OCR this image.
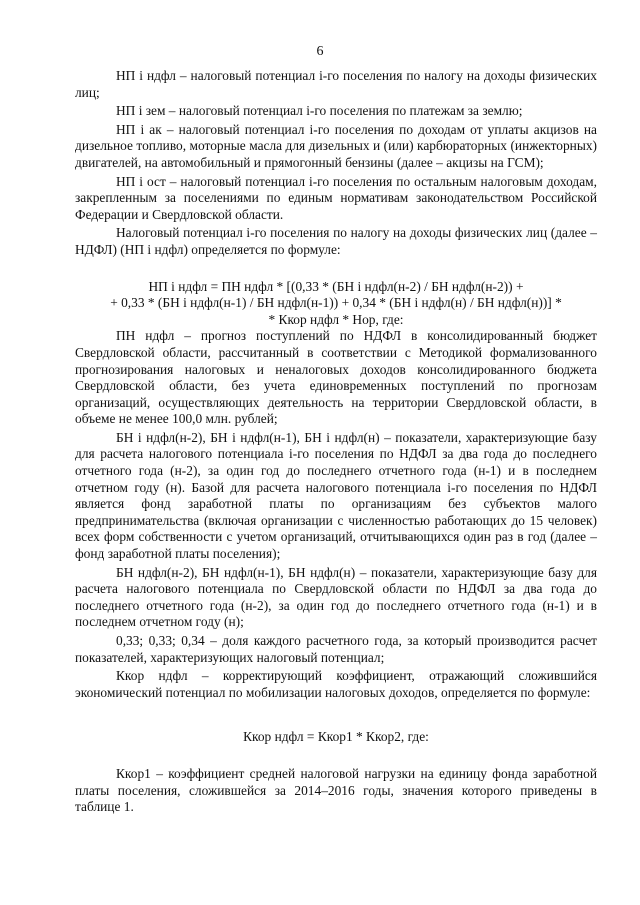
6

НП i ндфл – налоговый потенциал i-го поселения по налогу на доходы физических лиц;

НП i зем – налоговый потенциал i-го поселения по платежам за землю;

НП i ак – налоговый потенциал i-го поселения по доходам от уплаты акцизов на дизельное топливо, моторные масла для дизельных и (или) карбюраторных (инжекторных) двигателей, на автомобильный и прямогонный бензины (далее – акцизы на ГСМ);

НП i ост – налоговый потенциал i-го поселения по остальным налоговым доходам, закрепленным за поселениями по единым нормативам законодательством Российской Федерации и Свердловской области.

Налоговый потенциал i-го поселения по налогу на доходы физических лиц (далее – НДФЛ) (НП i ндфл) определяется по формуле:

НП i ндфл = ПН ндфл * [(0,33 * (БН i ндфл(н-2) / БН ндфл(н-2)) +
+ 0,33 * (БН i ндфл(н-1) / БН ндфл(н-1)) + 0,34 * (БН i ндфл(н) / БН ндфл(н))] *
* Ккор ндфл * Нор, где:

ПН ндфл – прогноз поступлений по НДФЛ в консолидированный бюджет Свердловской области, рассчитанный в соответствии с Методикой формализованного прогнозирования налоговых и неналоговых доходов консолидированного бюджета Свердловской области, без учета единовременных поступлений по прогнозам организаций, осуществляющих деятельность на территории Свердловской области, в объеме не менее 100,0 млн. рублей;

БН i ндфл(н-2), БН i ндфл(н-1), БН i ндфл(н) – показатели, характеризующие базу для расчета налогового потенциала i-го поселения по НДФЛ за два года до последнего отчетного года (н-2), за один год до последнего отчетного года (н-1) и в последнем отчетном году (н). Базой для расчета налогового потенциала i-го поселения по НДФЛ является фонд заработной платы по организациям без субъектов малого предпринимательства (включая организации с численностью работающих до 15 человек) всех форм собственности с учетом организаций, отчитывающихся один раз в год (далее – фонд заработной платы поселения);

БН ндфл(н-2), БН ндфл(н-1), БН ндфл(н) – показатели, характеризующие базу для расчета налогового потенциала по Свердловской области по НДФЛ за два года до последнего отчетного года (н-2), за один год до последнего отчетного года (н-1) и в последнем отчетном году (н);

0,33; 0,33; 0,34 – доля каждого расчетного года, за который производится расчет показателей, характеризующих налоговый потенциал;

Ккор ндфл – корректирующий коэффициент, отражающий сложившийся экономический потенциал по мобилизации налоговых доходов, определяется по формуле:

Ккор ндфл = Ккор1 * Ккор2, где:

Ккор1 – коэффициент средней налоговой нагрузки на единицу фонда заработной платы поселения, сложившейся за 2014–2016 годы, значения которого приведены в таблице 1.
